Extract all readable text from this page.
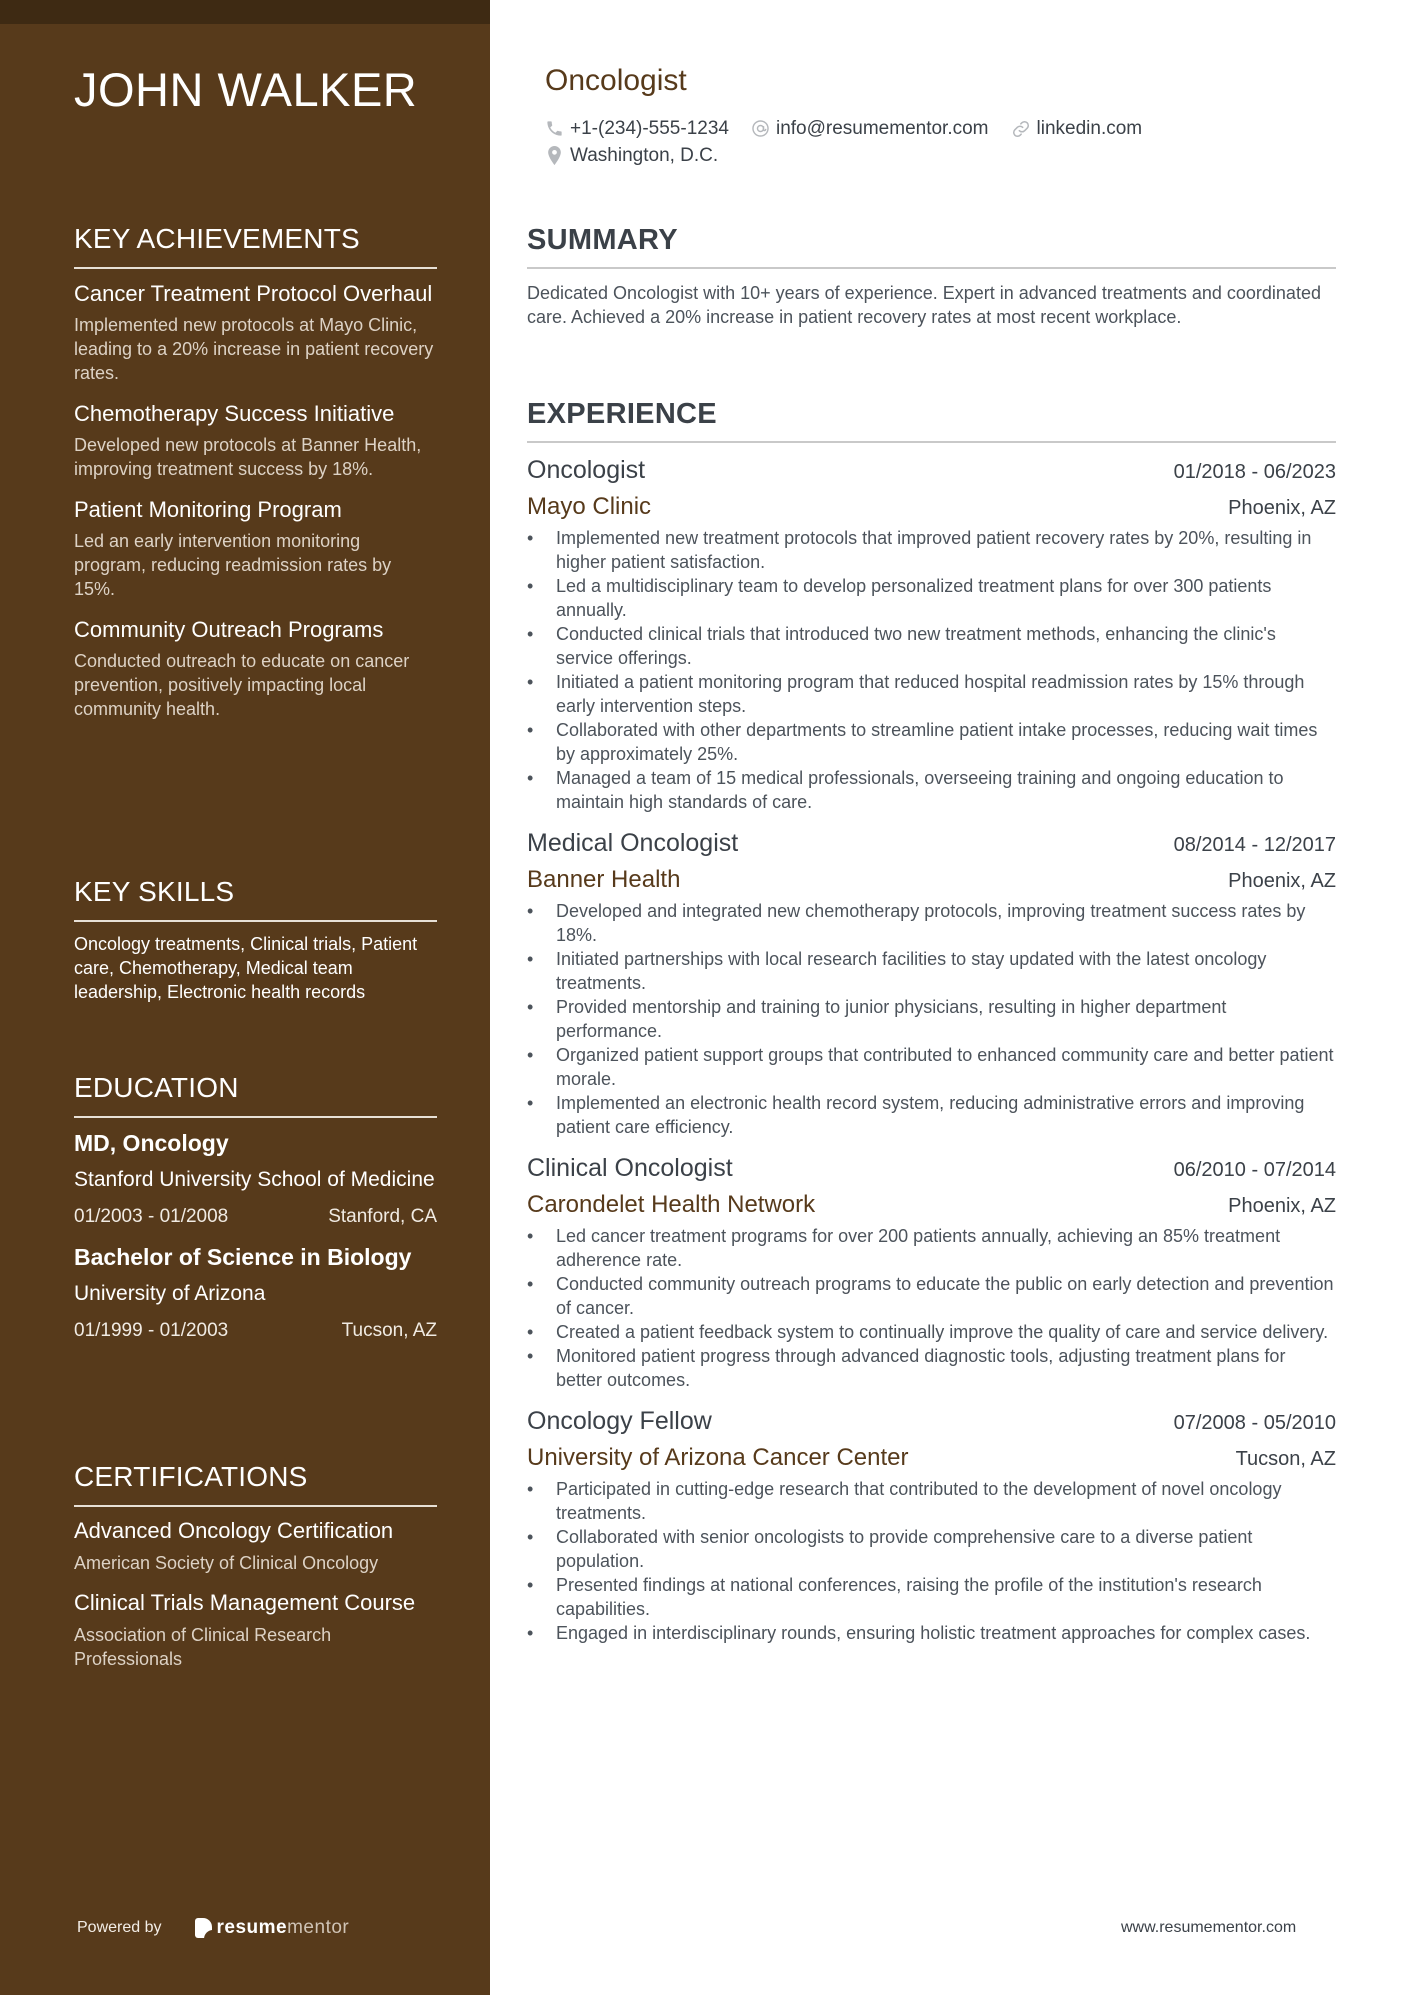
JOHN WALKER
KEY ACHIEVEMENTS
Cancer Treatment Protocol Overhaul
Implemented new protocols at Mayo Clinic, leading to a 20% increase in patient recovery rates.
Chemotherapy Success Initiative
Developed new protocols at Banner Health, improving treatment success by 18%.
Patient Monitoring Program
Led an early intervention monitoring program, reducing readmission rates by 15%.
Community Outreach Programs
Conducted outreach to educate on cancer prevention, positively impacting local community health.
KEY SKILLS
Oncology treatments, Clinical trials, Patient care, Chemotherapy, Medical team leadership, Electronic health records
EDUCATION
MD, Oncology
Stanford University School of Medicine
01/2003 - 01/2008	Stanford, CA
Bachelor of Science in Biology
University of Arizona
01/1999 - 01/2003	Tucson, AZ
CERTIFICATIONS
Advanced Oncology Certification
American Society of Clinical Oncology
Clinical Trials Management Course
Association of Clinical Research Professionals
Powered by	resume mentor
Oncologist
+1-(234)-555-1234 info@resumementor.com	linkedin.com
Washington, D.C.
SUMMARY

Dedicated Oncologist with 10+ years of experience. Expert in advanced treatments and coordinated care. Achieved a 20% increase in patient recovery rates at most recent workplace.

EXPERIENCE
Oncologist	01/2018 - 06/2023
Mayo Clinic	Phoenix, AZ
• Implemented new treatment protocols that improved patient recovery rates by 20%, resulting in higher patient satisfaction.
• Led a multidisciplinary team to develop personalized treatment plans for over 300 patients annually.
• Conducted clinical trials that introduced two new treatment methods, enhancing the clinic's service offerings.
• Initiated a patient monitoring program that reduced hospital readmission rates by 15% through early intervention steps.
• Collaborated with other departments to streamline patient intake processes, reducing wait times by approximately 25%.
• Managed a team of 15 medical professionals, overseeing training and ongoing education to maintain high standards of care.
Medical Oncologist	08/2014 - 12/2017
Banner Health	Phoenix, AZ
• Developed and integrated new chemotherapy protocols, improving treatment success rates by 18%.
• Initiated partnerships with local research facilities to stay updated with the latest oncology treatments.
• Provided mentorship and training to junior physicians, resulting in higher department performance.
• Organized patient support groups that contributed to enhanced community care and better patient morale.
• Implemented an electronic health record system, reducing administrative errors and improving patient care efficiency.
Clinical Oncologist	06/2010 - 07/2014
Carondelet Health Network	Phoenix, AZ
• Led cancer treatment programs for over 200 patients annually, achieving an 85% treatment adherence rate.
• Conducted community outreach programs to educate the public on early detection and prevention of cancer.
• Created a patient feedback system to continually improve the quality of care and service delivery.
• Monitored patient progress through advanced diagnostic tools, adjusting treatment plans for better outcomes.
Oncology Fellow	07/2008 - 05/2010
University of Arizona Cancer Center	Tucson, AZ
• Participated in cutting-edge research that contributed to the development of novel oncology treatments.
• Collaborated with senior oncologists to provide comprehensive care to a diverse patient population.
• Presented findings at national conferences, raising the profile of the institution's research capabilities.
• Engaged in interdisciplinary rounds, ensuring holistic treatment approaches for complex cases.
www.resumementor.com
